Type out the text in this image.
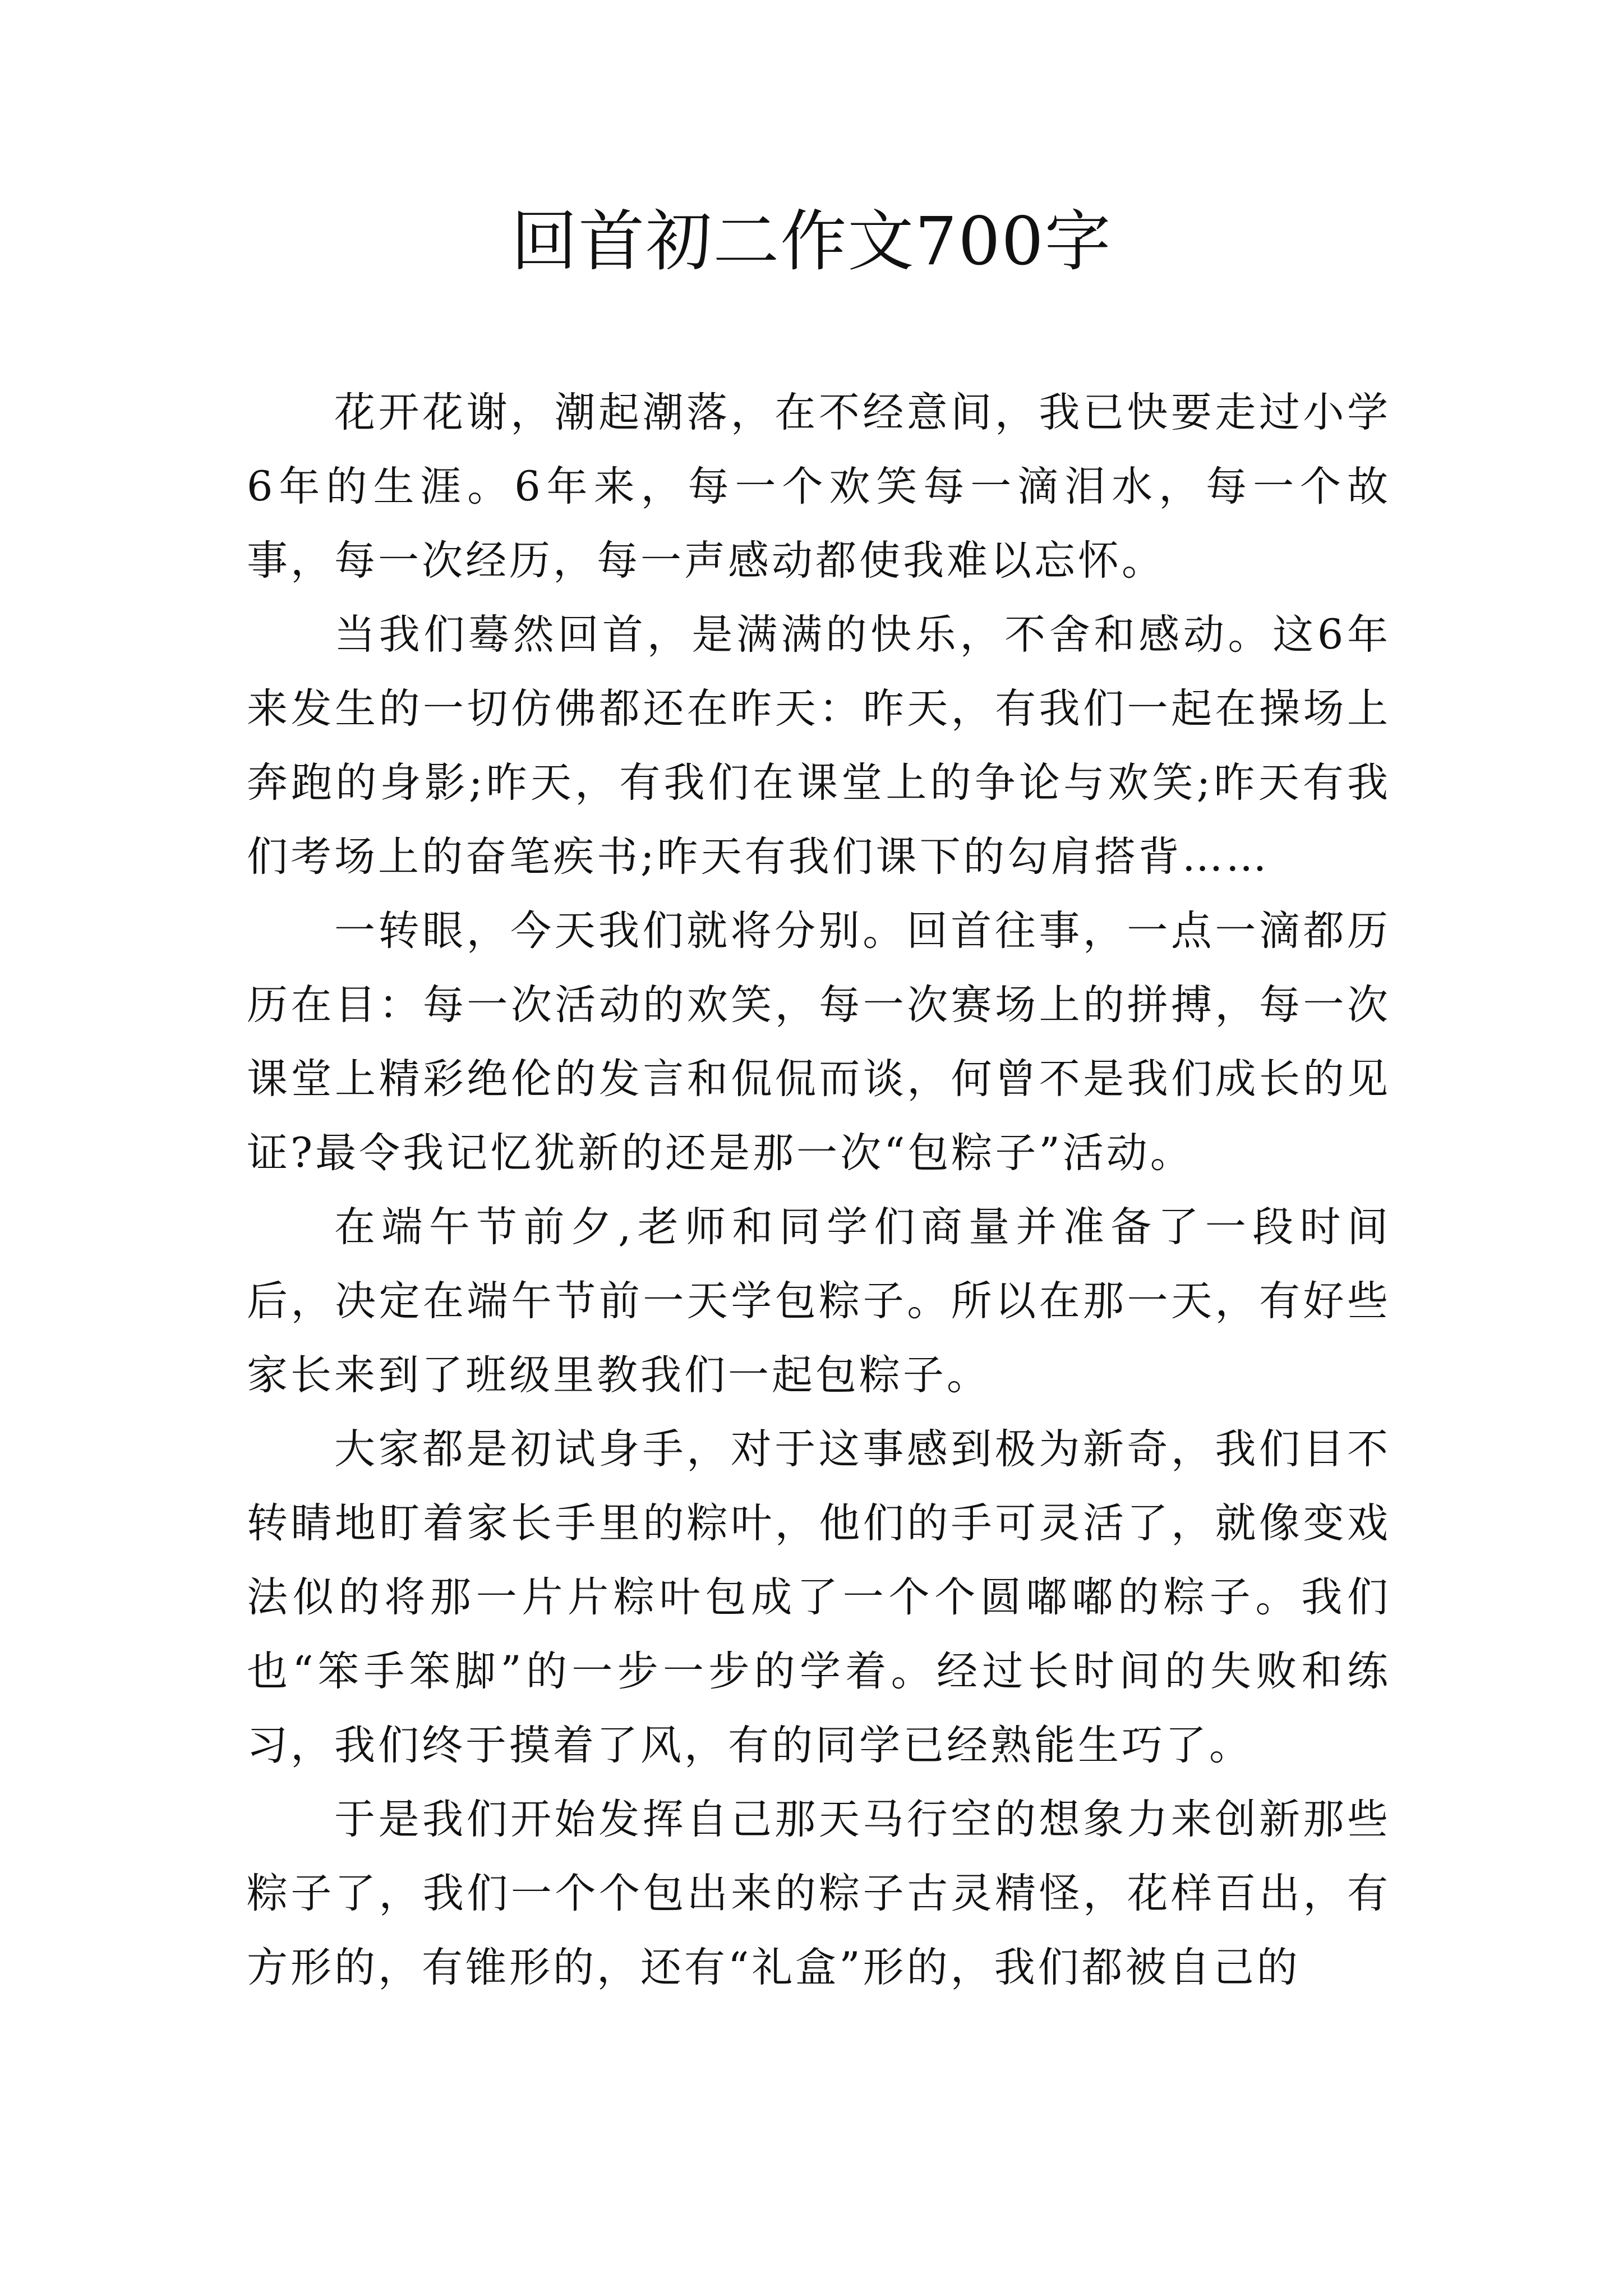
回首初二作文700字

花开花谢，潮起潮落，在不经意间，我已快要走过小学6年的生涯。6年来，每一个欢笑每一滴泪水，每一个故事，每一次经历，每一声感动都使我难以忘怀。

当我们蓦然回首，是满满的快乐，不舍和感动。这6年来发生的一切仿佛都还在昨天：昨天，有我们一起在操场上奔跑的身影;昨天，有我们在课堂上的争论与欢笑;昨天有我们考场上的奋笔疾书;昨天有我们课下的勾肩搭背……

一转眼，今天我们就将分别。回首往事，一点一滴都历历在目：每一次活动的欢笑，每一次赛场上的拼搏，每一次课堂上精彩绝伦的发言和侃侃而谈，何曾不是我们成长的见证?最令我记忆犹新的还是那一次“包粽子”活动。

在端午节前夕,老师和同学们商量并准备了一段时间后，决定在端午节前一天学包粽子。所以在那一天，有好些家长来到了班级里教我们一起包粽子。

大家都是初试身手，对于这事感到极为新奇，我们目不转睛地盯着家长手里的粽叶，他们的手可灵活了，就像变戏法似的将那一片片粽叶包成了一个个圆嘟嘟的粽子。我们也“笨手笨脚”的一步一步的学着。经过长时间的失败和练习，我们终于摸着了风，有的同学已经熟能生巧了。

于是我们开始发挥自己那天马行空的想象力来创新那些粽子了，我们一个个包出来的粽子古灵精怪，花样百出，有方形的，有锥形的，还有“礼盒”形的，我们都被自己的
